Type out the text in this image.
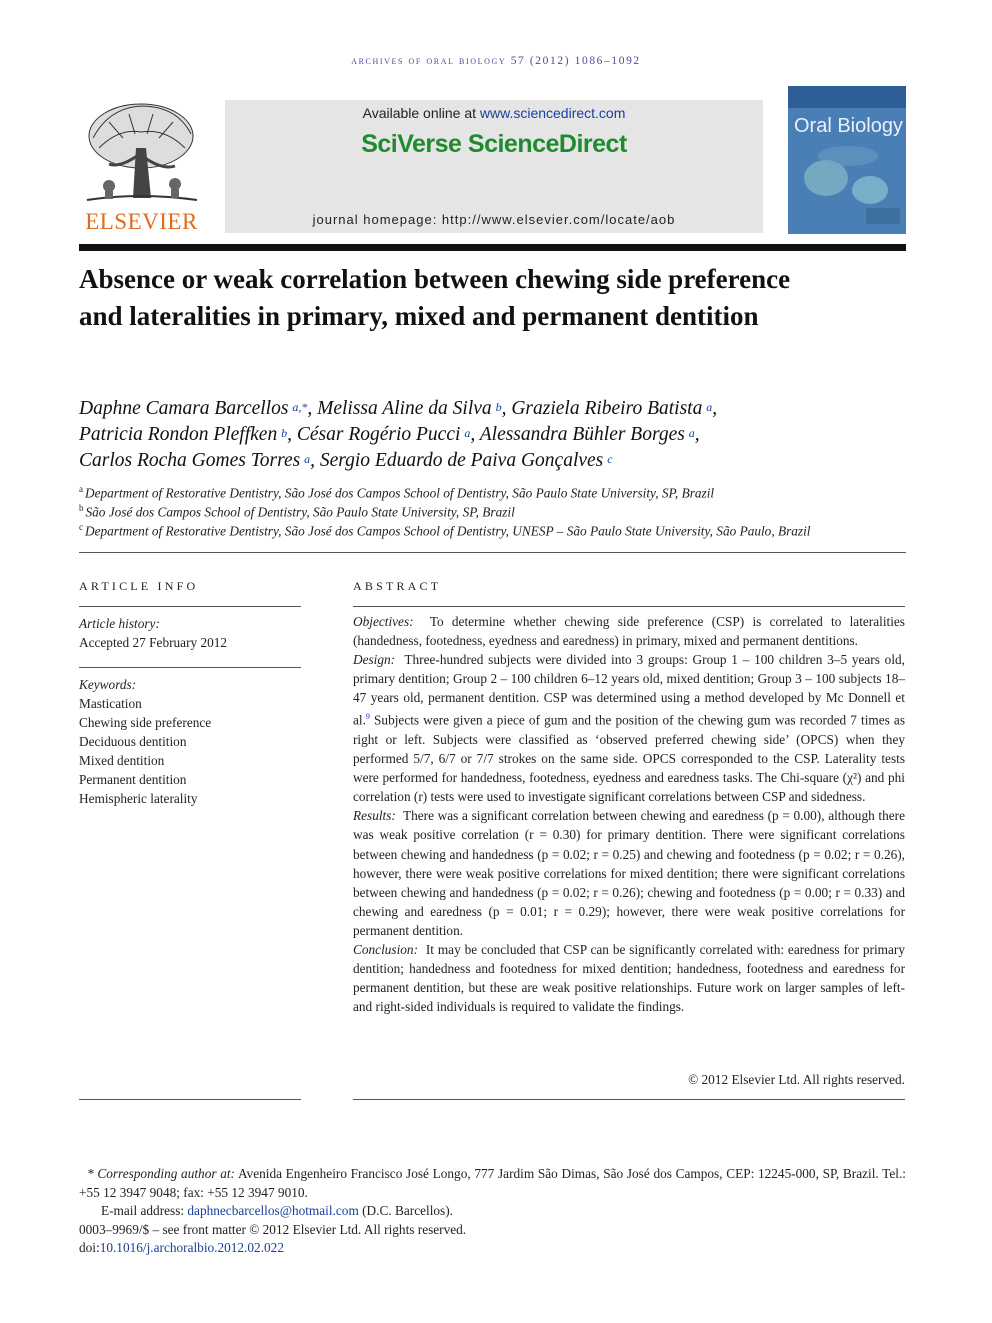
archives of oral biology 57 (2012) 1086–1092
ELSEVIER
Available online at www.sciencedirect.com
SciVerse ScienceDirect
journal homepage: http://www.elsevier.com/locate/aob
Oral Biology
Absence or weak correlation between chewing side preference and lateralities in primary, mixed and permanent dentition
Daphne Camara Barcellos  $^{a,*}$, Melissa Aline da Silva  $^b$, Graziela Ribeiro Batista  $^a$,
Patricia Rondon Pleffken  $^b$, César Rogério Pucci  $^a$, Alessandra Bühler Borges  $^a$,
Carlos Rocha Gomes Torres  $^a$, Sergio Eduardo de Paiva Gonçalves  $^c$
$^a$ Department of Restorative Dentistry, São José dos Campos School of Dentistry, São Paulo State University, SP, Brazil
$^b$ São José dos Campos School of Dentistry, São Paulo State University, SP, Brazil
$^c$ Department of Restorative Dentistry, São José dos Campos School of Dentistry, UNESP – São Paulo State University, São Paulo, Brazil
ARTICLE INFO
Article history:
Accepted 27 February 2012
Keywords:
Mastication
Chewing side preference
Deciduous dentition
Mixed dentition
Permanent dentition
Hemispheric laterality
ABSTRACT

Objectives: To determine whether chewing side preference (CSP) is correlated to lateralities (handedness, footedness, eyedness and earedness) in primary, mixed and permanent dentitions.

Design: Three-hundred subjects were divided into 3 groups: Group 1 – 100 children 3–5 years old, primary dentition; Group 2 – 100 children 6–12 years old, mixed dentition; Group 3 – 100 subjects 18–47 years old, permanent dentition. CSP was determined using a method developed by Mc Donnell et al.$^9$ Subjects were given a piece of gum and the position of the chewing gum was recorded 7 times as right or left. Subjects were classified as ‘observed preferred chewing side’ (OPCS) when they performed 5/7, 6/7 or 7/7 strokes on the same side. OPCS corresponded to the CSP. Laterality tests were performed for handedness, footedness, eyedness and earedness tasks. The Chi-square (χ²) and phi correlation (r) tests were used to investigate significant correlations between CSP and sidedness.

Results: There was a significant correlation between chewing and earedness (p = 0.00), although there was weak positive correlation (r = 0.30) for primary dentition. There were significant correlations between chewing and handedness (p = 0.02; r = 0.25) and chewing and footedness (p = 0.02; r = 0.26), however, there were weak positive correlations for mixed dentition; there were significant correlations between chewing and handedness (p = 0.02; r = 0.26); chewing and footedness (p = 0.00; r = 0.33) and chewing and earedness (p = 0.01; r = 0.29); however, there were weak positive correlations for permanent dentition.

Conclusion: It may be concluded that CSP can be significantly correlated with: earedness for primary dentition; handedness and footedness for mixed dentition; handedness, footedness and earedness for permanent dentition, but these are weak positive relationships. Future work on larger samples of left- and right-sided individuals is required to validate the findings.

© 2012 Elsevier Ltd. All rights reserved.

* Corresponding author at: Avenida Engenheiro Francisco José Longo, 777 Jardim São Dimas, São José dos Campos, CEP: 12245-000, SP, Brazil. Tel.: +55 12 3947 9048; fax: +55 12 3947 9010.

E-mail address: daphnecbarcellos@hotmail.com (D.C. Barcellos).

0003–9969/$ – see front matter © 2012 Elsevier Ltd. All rights reserved.

doi:10.1016/j.archoralbio.2012.02.022
